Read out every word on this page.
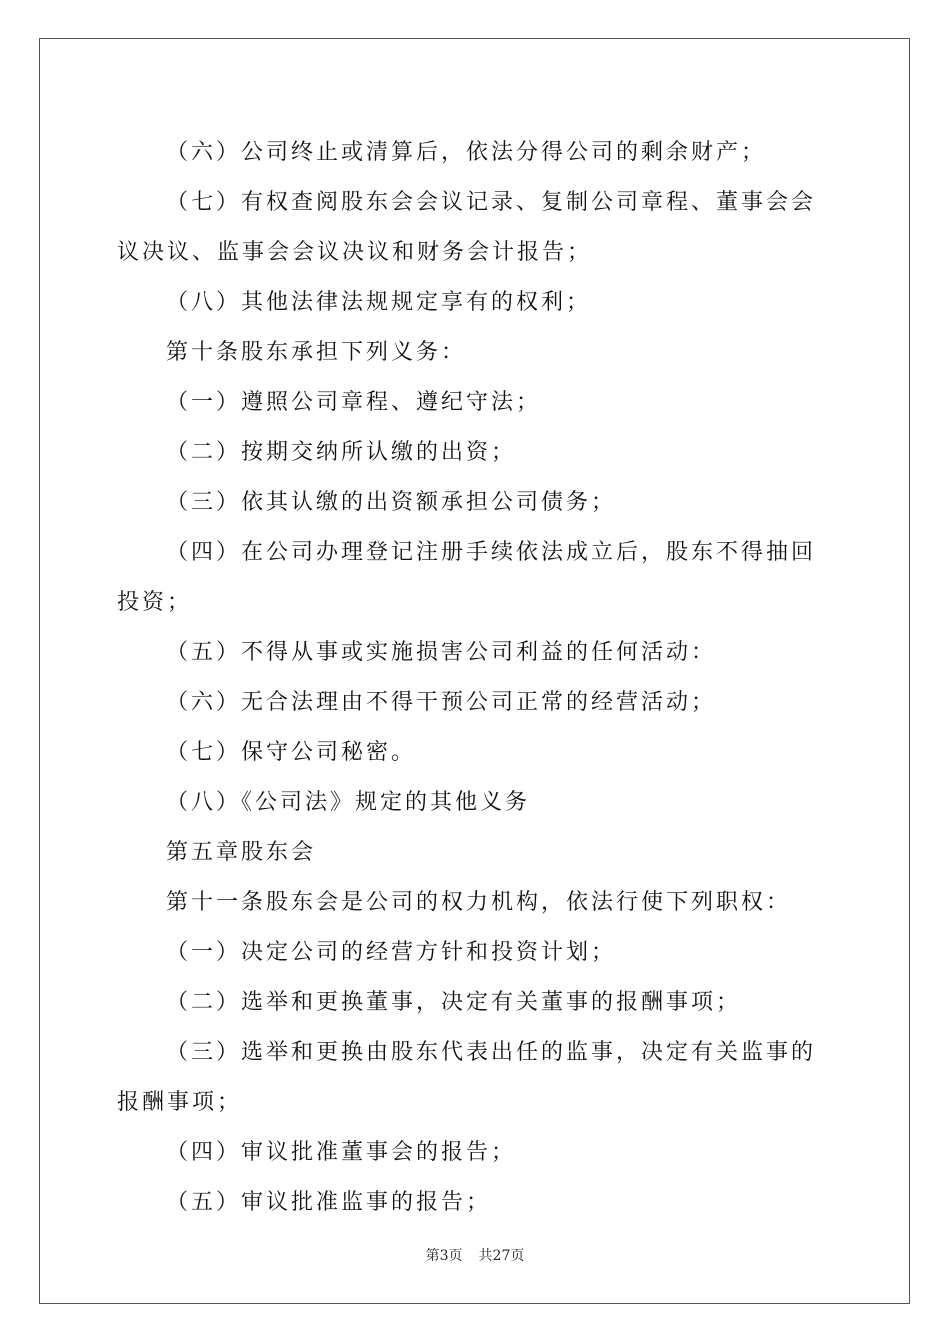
（六）公司终止或清算后，依法分得公司的剩余财产；

（七）有权查阅股东会会议记录、复制公司章程、董事会会议决议、监事会会议决议和财务会计报告；

（八）其他法律法规规定享有的权利；

第十条股东承担下列义务：

（一）遵照公司章程、遵纪守法；

（二）按期交纳所认缴的出资；

（三）依其认缴的出资额承担公司债务；

（四）在公司办理登记注册手续依法成立后，股东不得抽回投资；

（五）不得从事或实施损害公司利益的任何活动：

（六）无合法理由不得干预公司正常的经营活动；

（七）保守公司秘密。

（八）《公司法》规定的其他义务

第五章股东会

第十一条股东会是公司的权力机构，依法行使下列职权：

（一）决定公司的经营方针和投资计划；

（二）选举和更换董事，决定有关董事的报酬事项；

（三）选举和更换由股东代表出任的监事，决定有关监事的报酬事项；

（四）审议批准董事会的报告；

（五）审议批准监事的报告；

第3页 共27页
